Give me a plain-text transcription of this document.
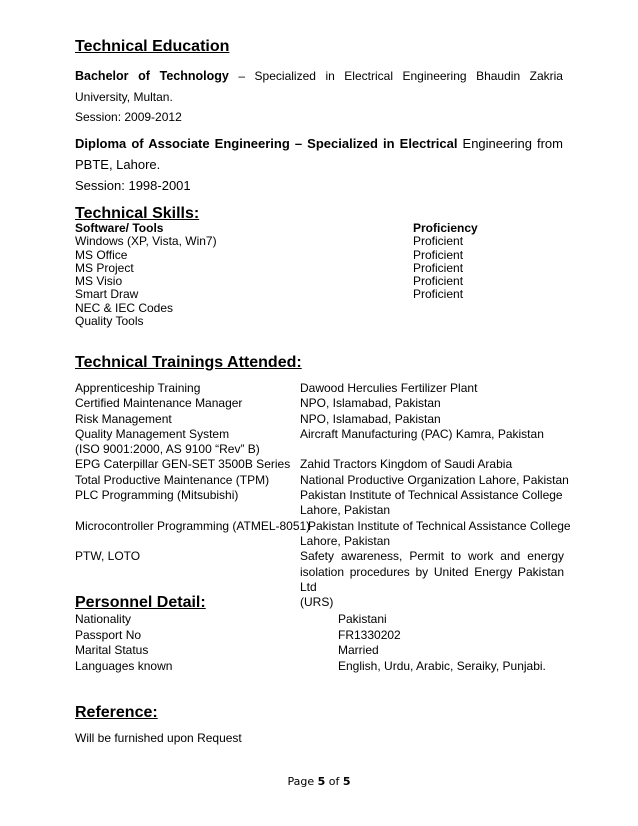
Technical Education
Bachelor of Technology – Specialized in Electrical Engineering Bhaudin Zakria University, Multan.
Session: 2009-2012
Diploma of Associate Engineering – Specialized in Electrical Engineering from PBTE, Lahore.
Session: 1998-2001
Technical Skills:
Software/ Tools
Windows (XP, Vista, Win7)
MS Office
MS Project
MS Visio
Smart Draw
NEC & IEC Codes
Quality Tools
Proficiency
Proficient
Proficient
Proficient
Proficient
Proficient
Technical Trainings Attended:
Apprenticeship Training
Certified Maintenance Manager
Risk Management
Quality Management System
(ISO 9001:2000, AS 9100 “Rev” B)
EPG Caterpillar GEN-SET 3500B Series
Total Productive Maintenance (TPM)
PLC Programming (Mitsubishi)

Microcontroller Programming (ATMEL-8051)

PTW, LOTO
Dawood Herculies Fertilizer Plant
NPO, Islamabad, Pakistan
NPO, Islamabad, Pakistan
Aircraft Manufacturing (PAC) Kamra, Pakistan

Zahid Tractors Kingdom of Saudi Arabia
National Productive Organization Lahore, Pakistan
Pakistan Institute of Technical Assistance College
Lahore, Pakistan
Pakistan Institute of Technical Assistance College
Lahore, Pakistan
Safety awareness, Permit to work and energy
isolation procedures by United Energy Pakistan Ltd
(URS)
Personnel Detail:
Nationality
Passport No
Marital Status
Languages known
Pakistani
FR1330202
Married
English, Urdu, Arabic, Seraiky, Punjabi.
Reference:
Will be furnished upon Request
Page 5 of 5
